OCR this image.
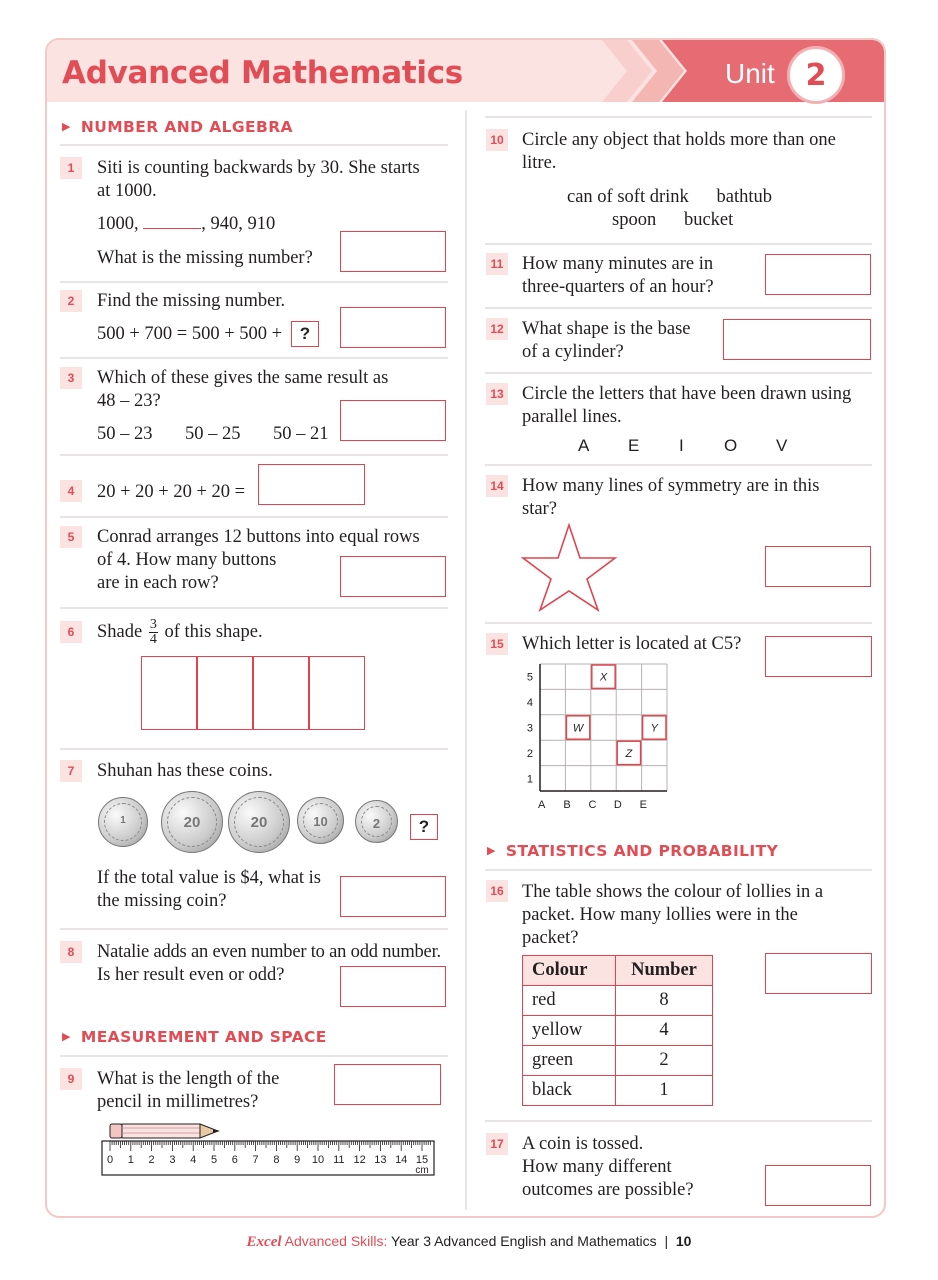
Advanced Mathematics	Unit	2
▶ NUMBER AND ALGEBRA
1	Siti is counting backwards by 30. She starts
at 1000.
1000,	, 940, 910
What is the missing number?
2	Find the missing number.
500 + 700 = 500 + 500 +	?
3	Which of these gives the same result as
48 – 23?
50 – 23 50 – 25 50 – 21
4	20 + 20 + 20 + 20 =
5	Conrad arranges 12 buttons into equal rows
of 4. How many buttons
are in each row?
6	Shade $\frac{3}{4}$ of this shape.
7	Shuhan has these coins.
1	20	20	10	2	?
If the total value is $4, what is
the missing coin?
8	Natalie adds an even number to an odd number.
Is her result even or odd?
▶ MEASUREMENT AND SPACE
9	What is the length of the
pencil in millimetres?
0 1 2 3 4 5 6 7 8 9 10 11 12 13 14 15
cm
10 Circle any object that holds more than one
litre.
can of soft drink      bathtub
spoon      bucket
11 How many minutes are in
three-quarters of an hour?
12 What shape is the base
of a cylinder?
13 Circle the letters that have been drawn using
parallel lines.
A E I O V
14 How many lines of symmetry are in this
star?
15 Which letter is located at C5?
5
4
3
2
1
A B C D E
X
W	Y
Z
▶ STATISTICS AND PROBABILITY
16 The table shows the colour of lollies in a
packet. How many lollies were in the
packet?
Colour	Number
red	8
yellow	4
green	2
black	1
17 A coin is tossed.
How many different
outcomes are possible?
Excel Advanced Skills: Year 3 Advanced English and Mathematics | 10
